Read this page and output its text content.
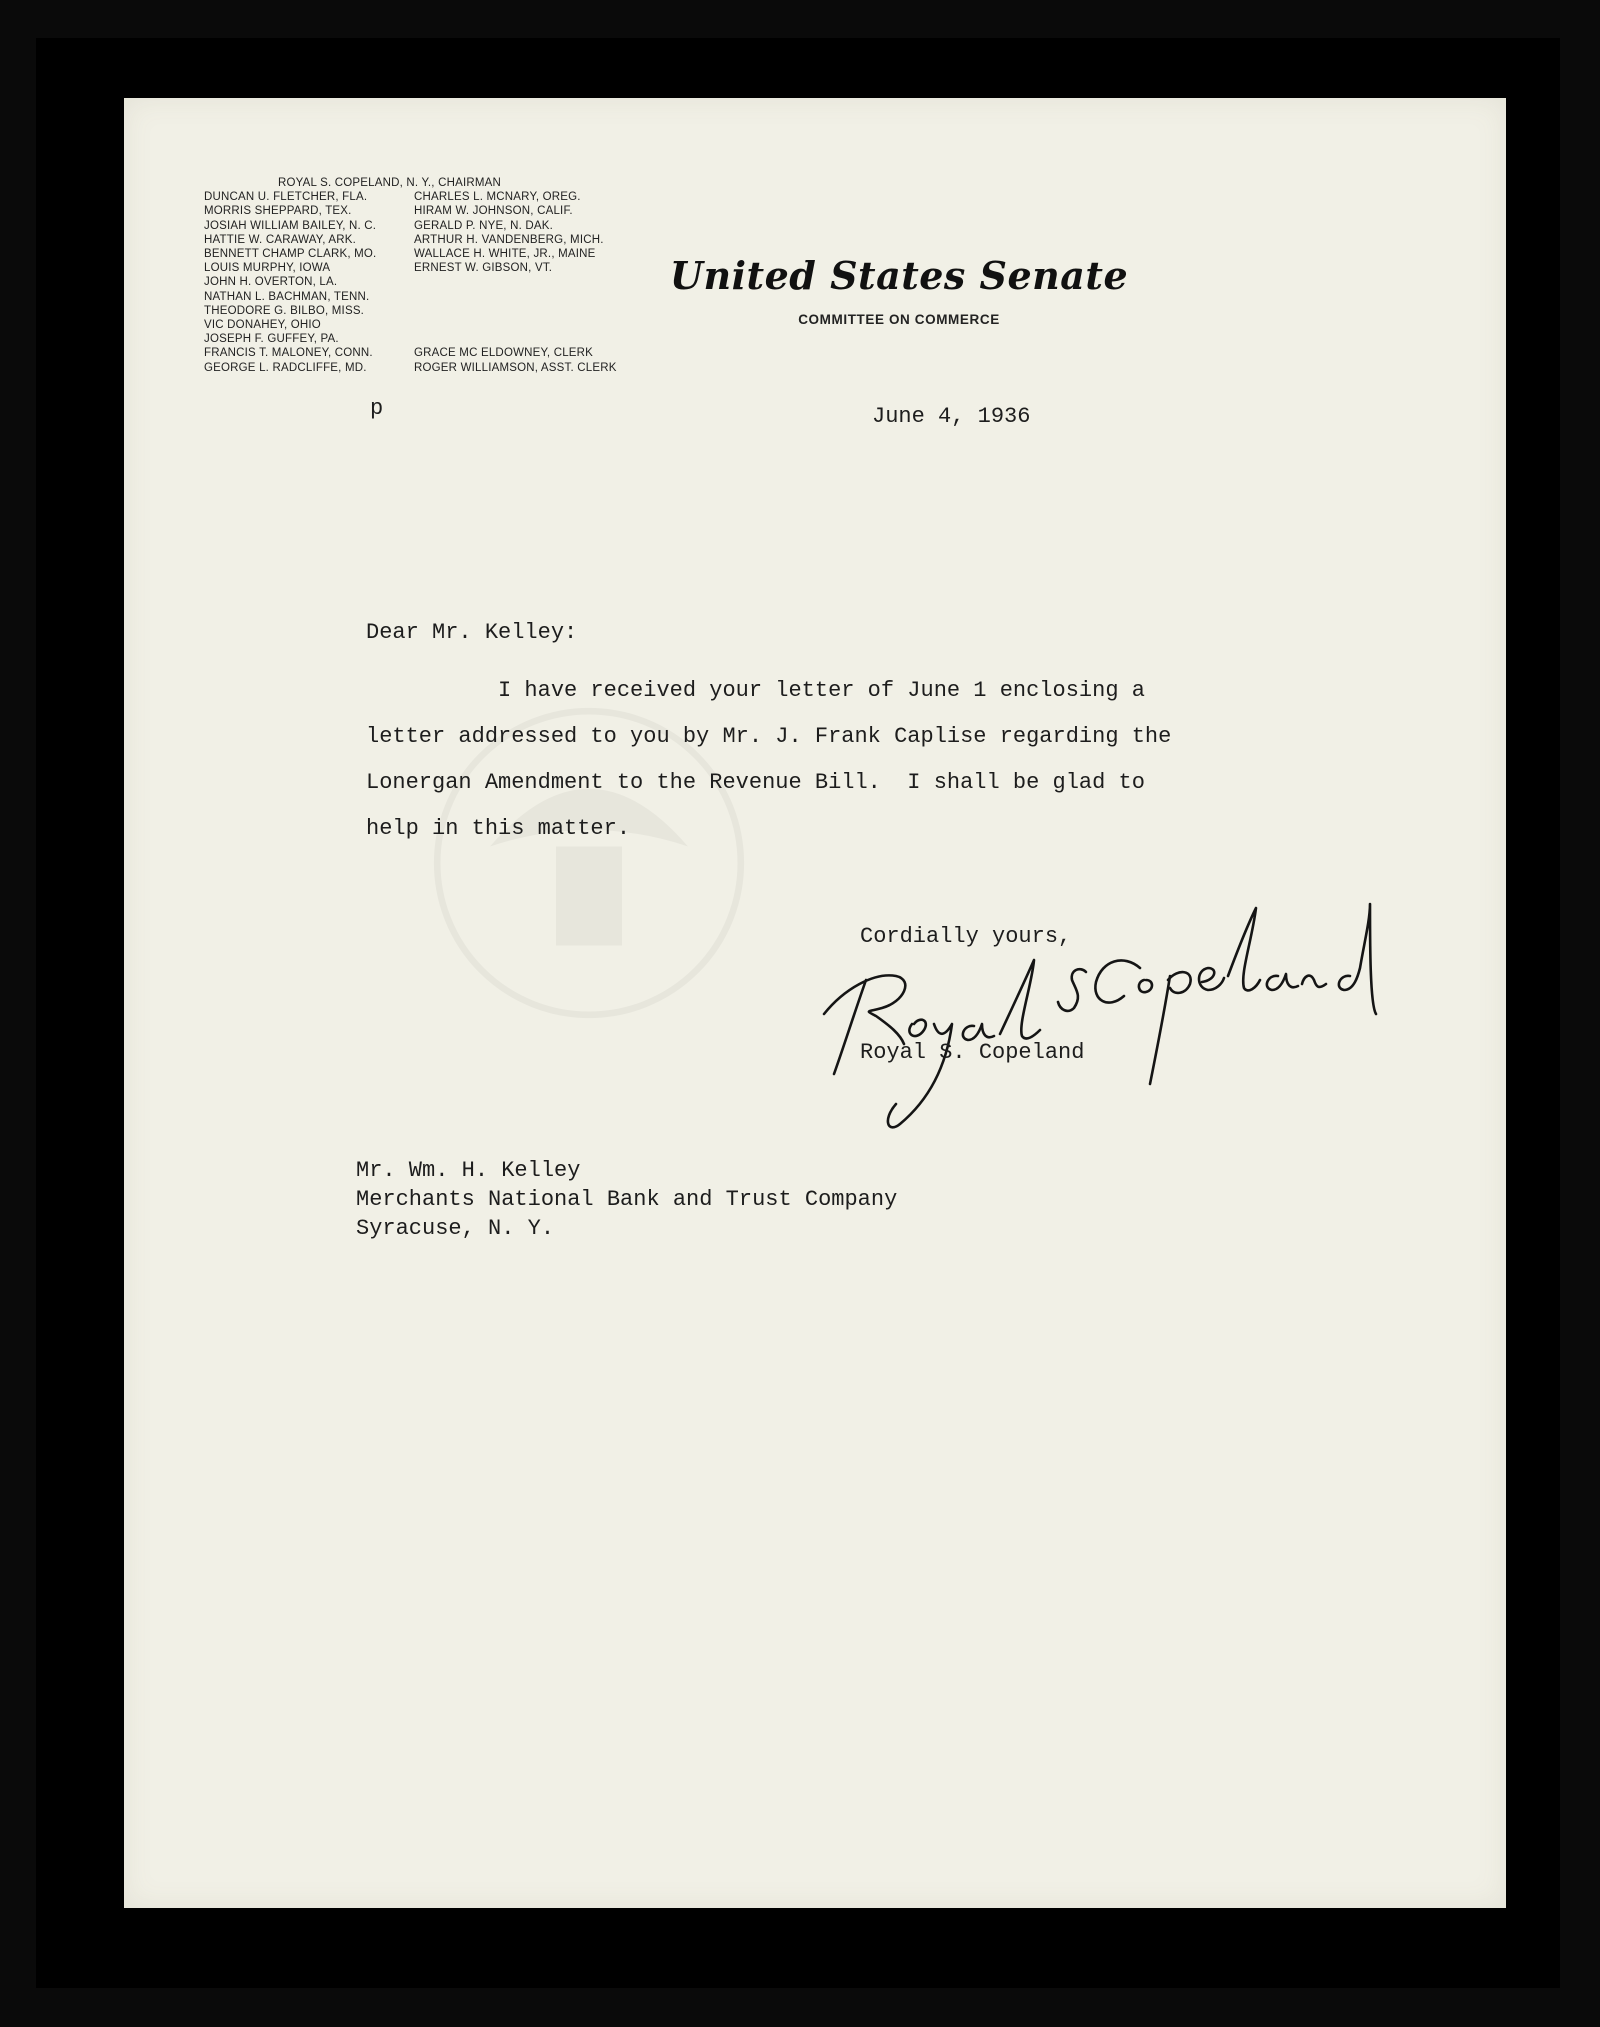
ROYAL S. COPELAND, N. Y., CHAIRMAN
DUNCAN U. FLETCHER, FLA.
MORRIS SHEPPARD, TEX.
JOSIAH WILLIAM BAILEY, N. C.
HATTIE W. CARAWAY, ARK.
BENNETT CHAMP CLARK, MO.
LOUIS MURPHY, IOWA
JOHN H. OVERTON, LA.
NATHAN L. BACHMAN, TENN.
THEODORE G. BILBO, MISS.
VIC DONAHEY, OHIO
JOSEPH F. GUFFEY, PA.
CHARLES L. MCNARY, OREG.
HIRAM W. JOHNSON, CALIF.
GERALD P. NYE, N. DAK.
ARTHUR H. VANDENBERG, MICH.
WALLACE H. WHITE, JR., MAINE
ERNEST W. GIBSON, VT.
FRANCIS T. MALONEY, CONN.
GEORGE L. RADCLIFFE, MD.
GRACE MC ELDOWNEY, CLERK
ROGER WILLIAMSON, ASST. CLERK
United States Senate
COMMITTEE ON COMMERCE
p	June 4, 1936
Dear Mr. Kelley:

I have received your letter of June 1 enclosing a

letter addressed to you by Mr. J. Frank Caplise regarding the

Lonergan Amendment to the Revenue Bill.  I shall be glad to

help in this matter.

Cordially yours,
Royal S. Copeland
Mr. Wm. H. Kelley
Merchants National Bank and Trust Company
Syracuse, N. Y.
